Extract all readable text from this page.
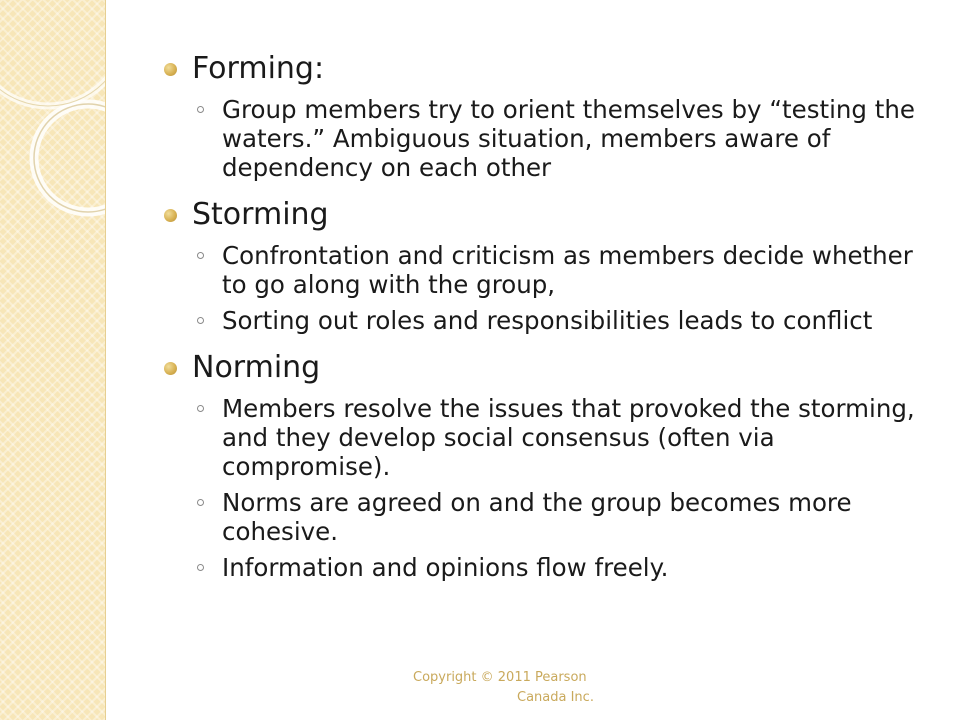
Forming:
Group members try to orient themselves by “testing the waters.” Ambiguous situation, members aware of dependency on each other
Storming
Confrontation and criticism as members decide whether to go along with the group,
Sorting out roles and responsibilities leads to conflict
Norming
Members resolve the issues that provoked the storming, and they develop social consensus (often via compromise).
Norms are agreed on and the group becomes more cohesive.
Information and opinions flow freely.
Copyright © 2011 Pearson
Canada Inc.
